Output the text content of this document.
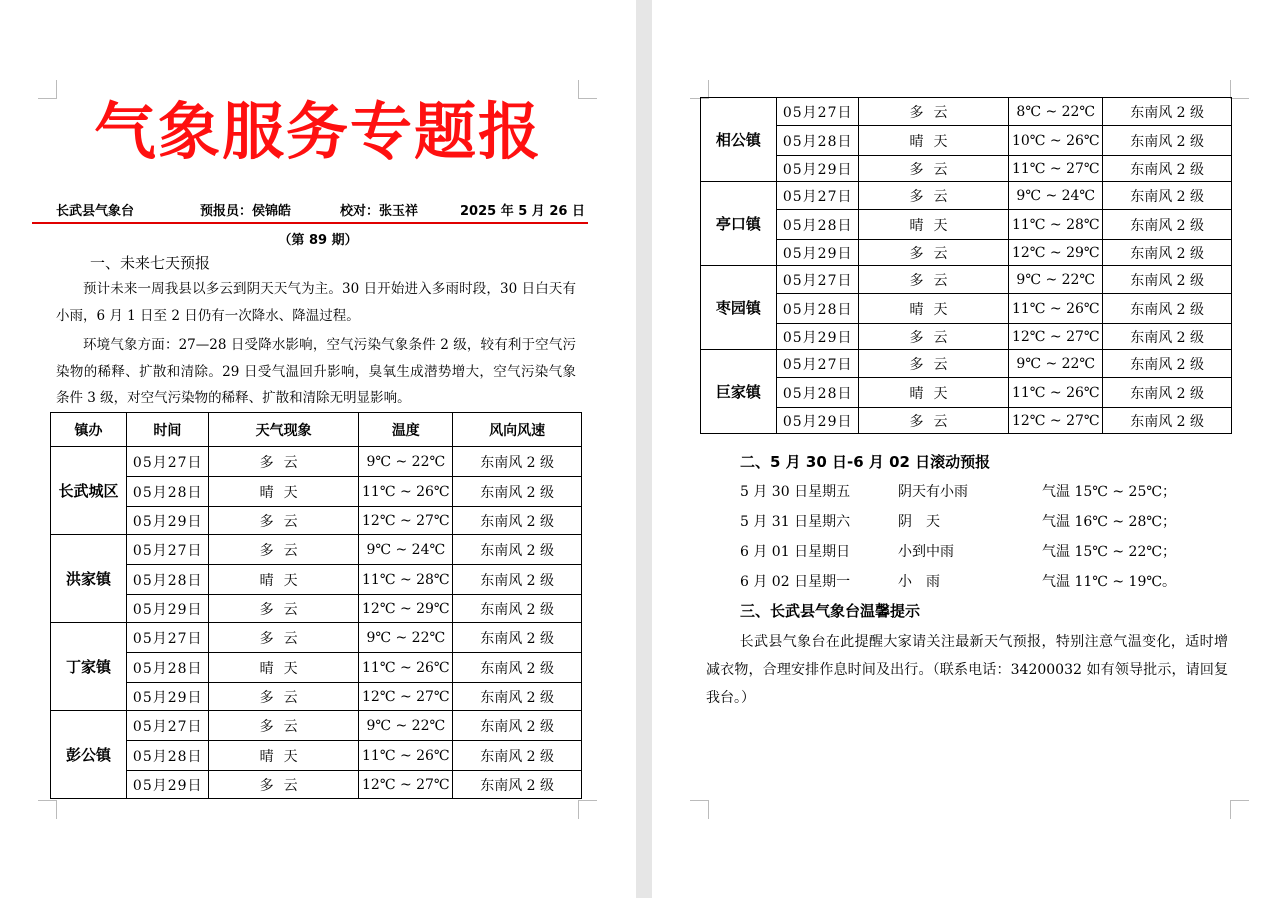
气象服务专题报
长武县气象台	预报员：侯锦皓	校对：张玉祥	2025 年 5 月 26 日
（第 89 期）
一、未来七天预报
预计未来一周我县以多云到阴天天气为主。30 日开始进入多雨时段，30 日白天有小雨，6 月 1 日至 2 日仍有一次降水、降温过程。
环境气象方面：27—28 日受降水影响，空气污染气象条件 2 级，较有利于空气污染物的稀释、扩散和清除。29 日受气温回升影响，臭氧生成潜势增大，空气污染气象条件 3 级，对空气污染物的稀释、扩散和清除无明显影响。
镇办	时间	天气现象	温度	风向风速
长武城区	05月27日	多云	9℃ ~ 22℃	东南风 2 级
	05月28日	晴天	11℃ ~ 26℃	东南风 2 级
	05月29日	多云	12℃ ~ 27℃	东南风 2 级
洪家镇	05月27日	多云	9℃ ~ 24℃	东南风 2 级
	05月28日	晴天	11℃ ~ 28℃	东南风 2 级
	05月29日	多云	12℃ ~ 29℃	东南风 2 级
丁家镇	05月27日	多云	9℃ ~ 22℃	东南风 2 级
	05月28日	晴天	11℃ ~ 26℃	东南风 2 级
	05月29日	多云	12℃ ~ 27℃	东南风 2 级
彭公镇	05月27日	多云	9℃ ~ 22℃	东南风 2 级
	05月28日	晴天	11℃ ~ 26℃	东南风 2 级
	05月29日	多云	12℃ ~ 27℃	东南风 2 级
相公镇	05月27日	多云	8℃ ~ 22℃	东南风 2 级
	05月28日	晴天	10℃ ~ 26℃	东南风 2 级
	05月29日	多云	11℃ ~ 27℃	东南风 2 级
亭口镇	05月27日	多云	9℃ ~ 24℃	东南风 2 级
	05月28日	晴天	11℃ ~ 28℃	东南风 2 级
	05月29日	多云	12℃ ~ 29℃	东南风 2 级
枣园镇	05月27日	多云	9℃ ~ 22℃	东南风 2 级
	05月28日	晴天	11℃ ~ 26℃	东南风 2 级
	05月29日	多云	12℃ ~ 27℃	东南风 2 级
巨家镇	05月27日	多云	9℃ ~ 22℃	东南风 2 级
	05月28日	晴天	11℃ ~ 26℃	东南风 2 级
	05月29日	多云	12℃ ~ 27℃	东南风 2 级
二、5 月 30 日-6 月 02 日滚动预报
5 月 30 日星期五	阴天有小雨	气温 15℃ ~ 25℃；
5 月 31 日星期六	阴　天	气温 16℃ ~ 28℃；
6 月 01 日星期日	小到中雨	气温 15℃ ~ 22℃；
6 月 02 日星期一	小　雨	气温 11℃ ~ 19℃。
三、长武县气象台温馨提示
长武县气象台在此提醒大家请关注最新天气预报，特别注意气温变化，适时增减衣物，合理安排作息时间及出行。（联系电话：34200032 如有领导批示，请回复我台。）
